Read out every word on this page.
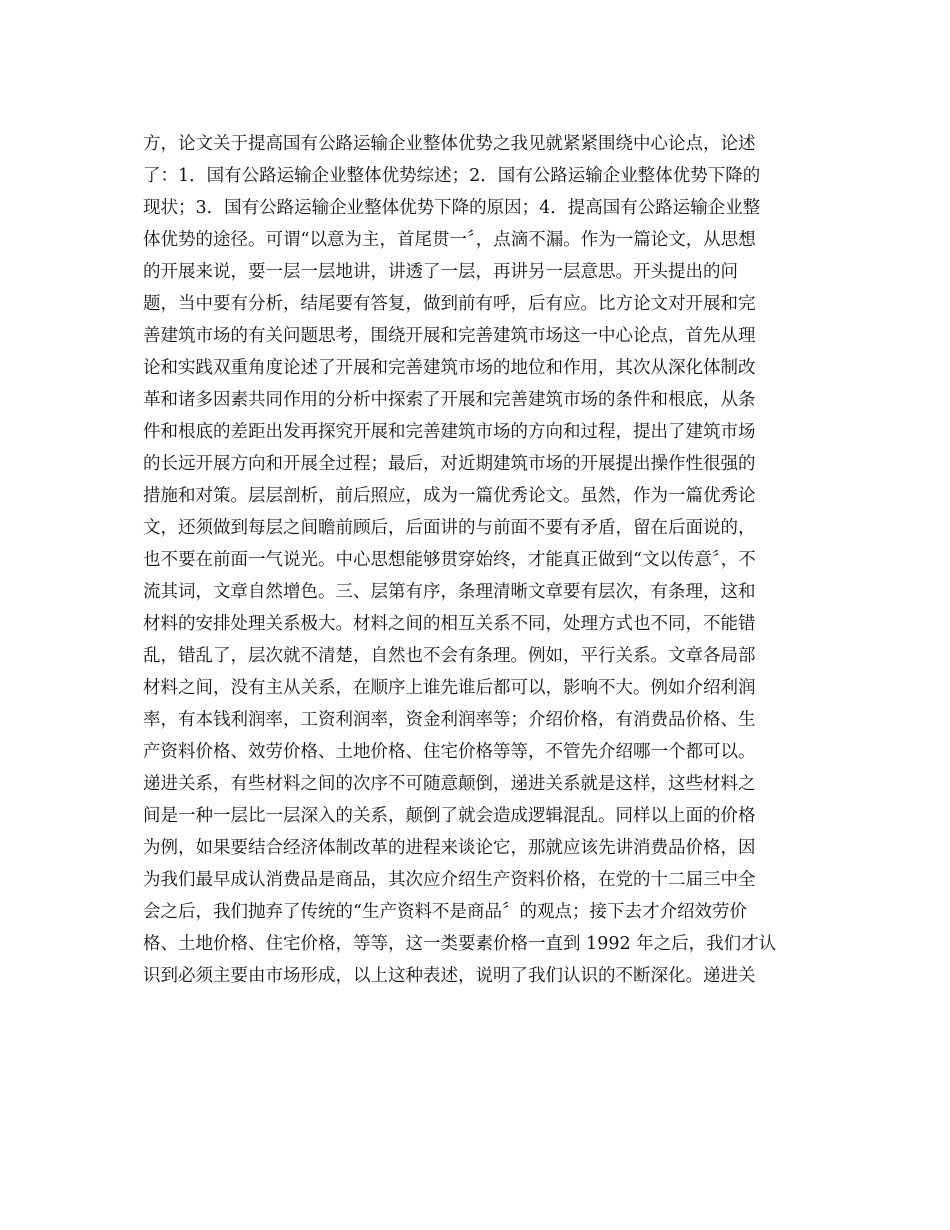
方，论文关于提高国有公路运输企业整体优势之我见就紧紧围绕中心论点，论述
了：1．国有公路运输企业整体优势综述；2．国有公路运输企业整体优势下降的
现状；3．国有公路运输企业整体优势下降的原因；4．提高国有公路运输企业整
体优势的途径。可谓“以意为主，首尾贯一〞，点滴不漏。作为一篇论文，从思想
的开展来说，要一层一层地讲，讲透了一层，再讲另一层意思。开头提出的问
题，当中要有分析，结尾要有答复，做到前有呼，后有应。比方论文对开展和完
善建筑市场的有关问题思考，围绕开展和完善建筑市场这一中心论点，首先从理
论和实践双重角度论述了开展和完善建筑市场的地位和作用，其次从深化体制改
革和诸多因素共同作用的分析中探索了开展和完善建筑市场的条件和根底，从条
件和根底的差距出发再探究开展和完善建筑市场的方向和过程，提出了建筑市场
的长远开展方向和开展全过程；最后，对近期建筑市场的开展提出操作性很强的
措施和对策。层层剖析，前后照应，成为一篇优秀论文。虽然，作为一篇优秀论
文，还须做到每层之间瞻前顾后，后面讲的与前面不要有矛盾，留在后面说的，
也不要在前面一气说光。中心思想能够贯穿始终，才能真正做到“文以传意〞，不
流其词，文章自然增色。三、层第有序，条理清晰文章要有层次，有条理，这和
材料的安排处理关系极大。材料之间的相互关系不同，处理方式也不同，不能错
乱，错乱了，层次就不清楚，自然也不会有条理。例如，平行关系。文章各局部
材料之间，没有主从关系，在顺序上谁先谁后都可以，影响不大。例如介绍利润
率，有本钱利润率，工资利润率，资金利润率等；介绍价格，有消费品价格、生
产资料价格、效劳价格、土地价格、住宅价格等等，不管先介绍哪一个都可以。
递进关系，有些材料之间的次序不可随意颠倒，递进关系就是这样，这些材料之
间是一种一层比一层深入的关系，颠倒了就会造成逻辑混乱。同样以上面的价格
为例，如果要结合经济体制改革的进程来谈论它，那就应该先讲消费品价格，因
为我们最早成认消费品是商品，其次应介绍生产资料价格，在党的十二届三中全
会之后，我们抛弃了传统的“生产资料不是商品〞的观点；接下去才介绍效劳价
格、土地价格、住宅价格，等等，这一类要素价格一直到 1992 年之后，我们才认
识到必须主要由市场形成，以上这种表述，说明了我们认识的不断深化。递进关
